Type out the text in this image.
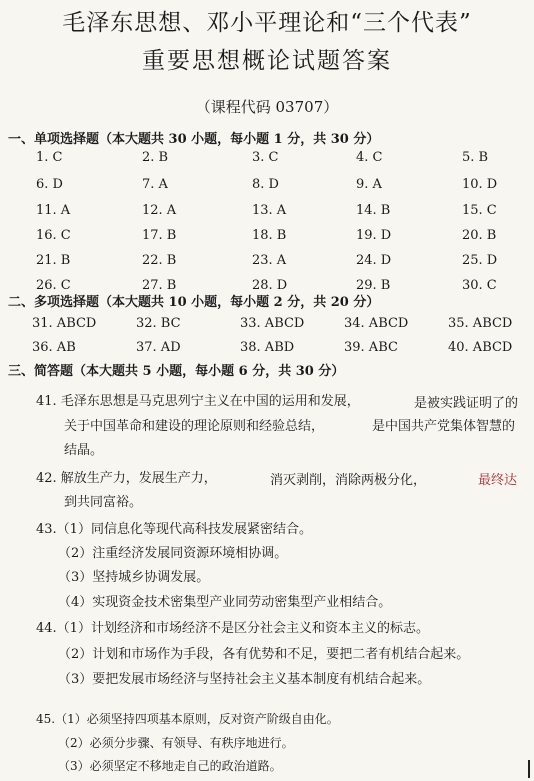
毛泽东思想、邓小平理论和“三个代表”
重要思想概论试题答案
（课程代码 03707）
一、单项选择题（本大题共 30 小题，每小题 1 分，共 30 分）
1. C	2. B	3. C	4. C	5. B
6. D	7. A	8. D	9. A	10. D
11. A	12. A	13. A	14. B	15. C
16. C	17. B	18. B	19. D	20. B
21. B	22. B	23. A	24. D	25. D
26. C	27. B	28. D	29. B	30. C
二、多项选择题（本大题共 10 小题，每小题 2 分，共 20 分）
31. ABCD	32. BC	33. ABCD	34. ABCD	35. ABCD
36. AB	37. AD	38. ABD	39. ABC	40. ABCD
三、简答题（本大题共 5 小题，每小题 6 分，共 30 分）
41. 毛泽东思想是马克思列宁主义在中国的运用和发展，	是被实践证明了的
关于中国革命和建设的理论原则和经验总结，	是中国共产党集体智慧的
结晶。
42. 解放生产力，发展生产力，	消灭剥削，消除两极分化，	最终达
到共同富裕。
43.（1）同信息化等现代高科技发展紧密结合。
（2）注重经济发展同资源环境相协调。
（3）坚持城乡协调发展。
（4）实现资金技术密集型产业同劳动密集型产业相结合。
44.（1）计划经济和市场经济不是区分社会主义和资本主义的标志。
（2）计划和市场作为手段，各有优势和不足，要把二者有机结合起来。
（3）要把发展市场经济与坚持社会主义基本制度有机结合起来。
45.（1）必须坚持四项基本原则，反对资产阶级自由化。
（2）必须分步骤、有领导、有秩序地进行。
（3）必须坚定不移地走自己的政治道路。
